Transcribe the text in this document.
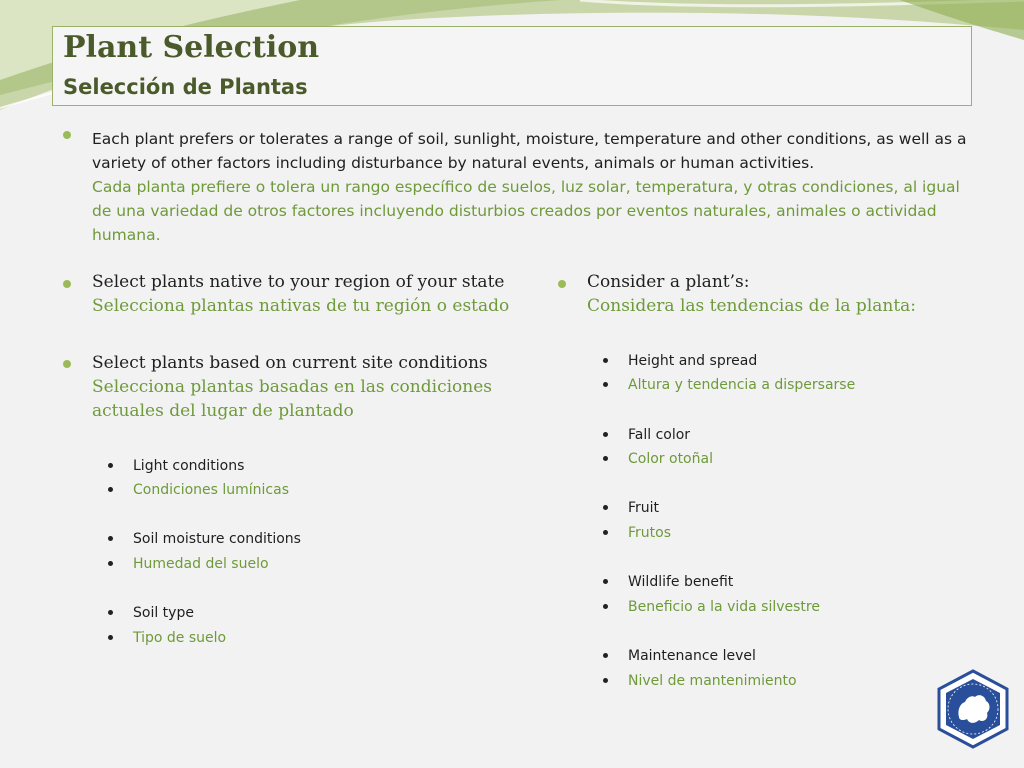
Plant Selection
Selección de Plantas
Each plant prefers or tolerates a range of soil, sunlight, moisture, temperature and other conditions, as well as a variety of other factors including disturbance by natural events, animals or human activities.
Cada planta prefiere o tolera un rango específico de suelos, luz solar, temperatura, y otras condiciones, al igual de una variedad de otros factores incluyendo disturbios creados por eventos naturales, animales o actividad humana.
Select plants native to your region of your state
Selecciona plantas nativas de tu región o estado
Select plants based on current site conditions
Selecciona plantas basadas en las condiciones actuales del lugar de plantado
Light conditions
Condiciones lumínicas
Soil moisture conditions
Humedad del suelo
Soil type
Tipo de suelo
Consider a plant’s:
Considera las tendencias de la planta:
Height and spread
Altura y tendencia a dispersarse
Fall color
Color otoñal
Fruit
Frutos
Wildlife benefit
Beneficio a la vida silvestre
Maintenance level
Nivel de mantenimiento
